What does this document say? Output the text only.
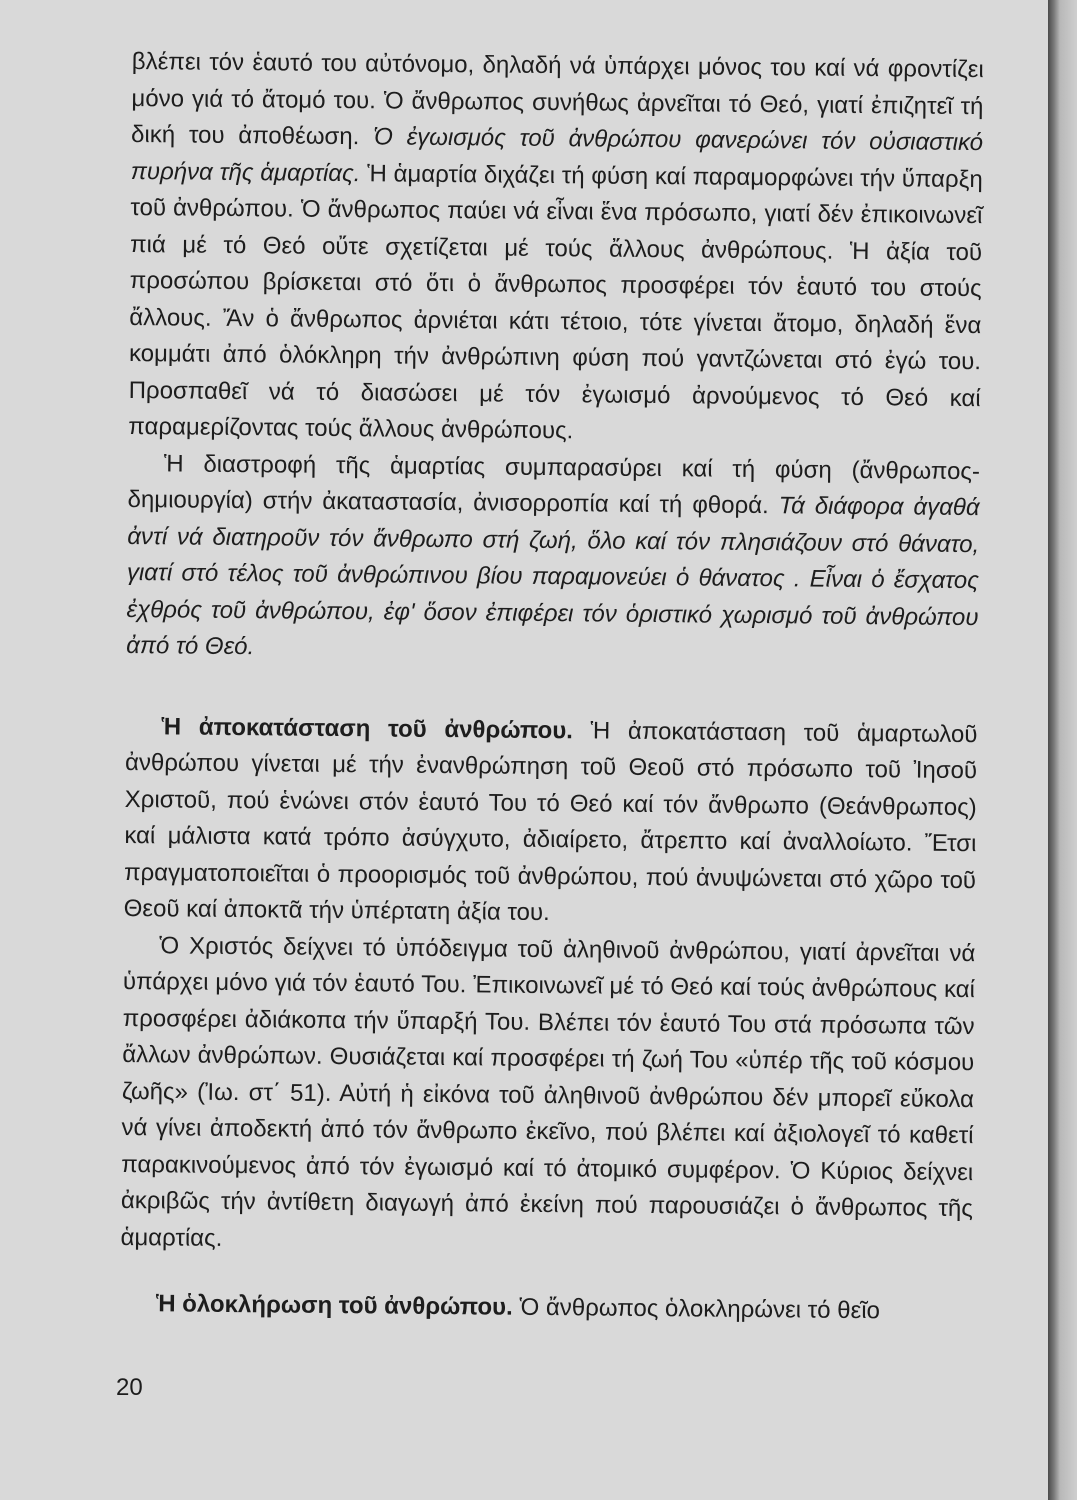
βλέπει τόν ἑαυτό του αὐτόνομο, δηλαδή νά ὑπάρχει μόνος του καί νά φροντίζει μόνο γιά τό ἄτομό του. Ὁ ἄνθρωπος συνήθως ἀρνεῖται τό Θεό, γιατί ἐπιζητεῖ τή δική του ἀποθέωση. Ὁ ἐγωισμός τοῦ ἀνθρώπου φανερώνει τόν οὐσιαστικό πυρήνα τῆς ἁμαρτίας. Ἡ ἁμαρτία διχάζει τή φύση καί παραμορφώνει τήν ὕπαρξη τοῦ ἀνθρώπου. Ὁ ἄνθρωπος παύει νά εἶναι ἕνα πρόσωπο, γιατί δέν ἐπικοινωνεῖ πιά μέ τό Θεό οὔτε σχετίζεται μέ τούς ἄλλους ἀνθρώπους. Ἡ ἀξία τοῦ προσώπου βρίσκεται στό ὅτι ὁ ἄνθρωπος προσφέρει τόν ἑαυτό του στούς ἄλλους. Ἄν ὁ ἄνθρωπος ἀρνιέται κάτι τέτοιο, τότε γίνεται ἄτομο, δηλαδή ἕνα κομμάτι ἀπό ὁλόκληρη τήν ἀνθρώπινη φύση πού γαντζώνεται στό ἐγώ του. Προσπαθεῖ νά τό διασώσει μέ τόν ἐγωισμό ἀρνούμενος τό Θεό καί παραμερίζοντας τούς ἄλλους ἀνθρώπους.

Ἡ διαστροφή τῆς ἁμαρτίας συμπαρασύρει καί τή φύση (ἄνθρωπος-δημιουργία) στήν ἀκαταστασία, ἀνισορροπία καί τή φθορά. Τά διάφορα ἀγαθά ἀντί νά διατηροῦν τόν ἄνθρωπο στή ζωή, ὅλο καί τόν πλησιάζουν στό θάνατο, γιατί στό τέλος τοῦ ἀνθρώπινου βίου παραμονεύει ὁ θάνατος . Εἶναι ὁ ἔσχατος ἐχθρός τοῦ ἀνθρώπου, ἐφ' ὅσον ἐπιφέρει τόν ὁριστικό χωρισμό τοῦ ἀνθρώπου ἀπό τό Θεό.

Ἡ ἀποκατάσταση τοῦ ἀνθρώπου. Ἡ ἀποκατάσταση τοῦ ἁμαρτωλοῦ ἀνθρώπου γίνεται μέ τήν ἐνανθρώπηση τοῦ Θεοῦ στό πρόσωπο τοῦ Ἰησοῦ Χριστοῦ, πού ἑνώνει στόν ἑαυτό Του τό Θεό καί τόν ἄνθρωπο (Θεάνθρωπος) καί μάλιστα κατά τρόπο ἀσύγχυτο, ἀδιαίρετο, ἄτρεπτο καί ἀναλλοίωτο. Ἔτσι πραγματοποιεῖται ὁ προορισμός τοῦ ἀνθρώπου, πού ἀνυψώνεται στό χῶρο τοῦ Θεοῦ καί ἀποκτᾶ τήν ὑπέρτατη ἀξία του.

Ὁ Χριστός δείχνει τό ὑπόδειγμα τοῦ ἀληθινοῦ ἀνθρώπου, γιατί ἀρνεῖται νά ὑπάρχει μόνο γιά τόν ἑαυτό Του. Ἐπικοινωνεῖ μέ τό Θεό καί τούς ἀνθρώπους καί προσφέρει ἀδιάκοπα τήν ὕπαρξή Του. Βλέπει τόν ἑαυτό Του στά πρόσωπα τῶν ἄλλων ἀνθρώπων. Θυσιάζεται καί προσφέρει τή ζωή Του «ὑπέρ τῆς τοῦ κόσμου ζωῆς» (Ἰω. στ΄ 51). Αὐτή ἡ εἰκόνα τοῦ ἀληθινοῦ ἀνθρώπου δέν μπορεῖ εὔκολα νά γίνει ἀποδεκτή ἀπό τόν ἄνθρωπο ἐκεῖνο, πού βλέπει καί ἀξιολογεῖ τό καθετί παρακινούμενος ἀπό τόν ἐγωισμό καί τό ἀτομικό συμφέρον. Ὁ Κύριος δείχνει ἀκριβῶς τήν ἀντίθετη διαγωγή ἀπό ἐκείνη πού παρουσιάζει ὁ ἄνθρωπος τῆς ἁμαρτίας.

Ἡ ὁλοκλήρωση τοῦ ἀνθρώπου. Ὁ ἄνθρωπος ὁλοκληρώνει τό θεῖο

20
